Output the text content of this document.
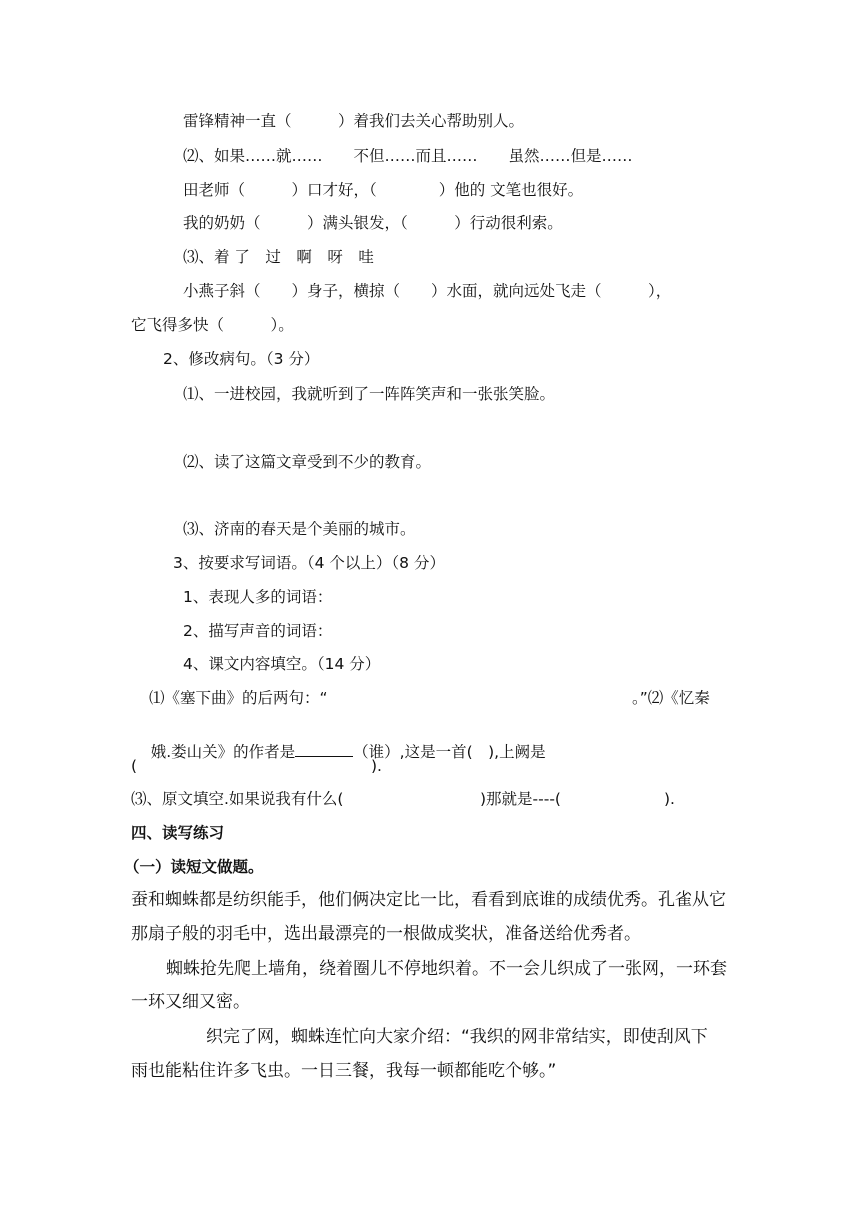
雷锋精神一直（　　　）着我们去关心帮助别人。
⑵、如果……就……　　不但……而且……　　虽然……但是……
田老师（　　　）口才好，（　　　　）他的 文笔也很好。
我的奶奶（　　　）满头银发，（　　　）行动很利索。
⑶、着 了　过　啊　呀　哇
小燕子斜（　　）身子，横掠（　　）水面，就向远处飞走（　　　），
它飞得多快（　　　）。
2、修改病句。（3 分）
⑴、一进校园，我就听到了一阵阵笑声和一张张笑脸。
⑵、读了这篇文章受到不少的教育。
⑶、济南的春天是个美丽的城市。
3、按要求写词语。（4 个以上）（8 分）
1、表现人多的词语：
2、描写声音的词语：
4、课文内容填空。（14 分）
⑴《塞下曲》的后两句：“	。”⑵《忆秦

娥.娄山关》的作者是	（谁）,这是一首(　),上阙是

(	).
⑶、原文填空.如果说我有什么(	)那就是----(	).
四、读写练习
（一）读短文做题。
蚕和蜘蛛都是纺织能手，他们俩决定比一比，看看到底谁的成绩优秀。孔雀从它
那扇子般的羽毛中，选出最漂亮的一根做成奖状，准备送给优秀者。
蜘蛛抢先爬上墙角，绕着圈儿不停地织着。不一会儿织成了一张网，一环套
一环又细又密。
织完了网，蜘蛛连忙向大家介绍：“我织的网非常结实，即使刮风下
雨也能粘住许多飞虫。一日三餐，我每一顿都能吃个够。”
